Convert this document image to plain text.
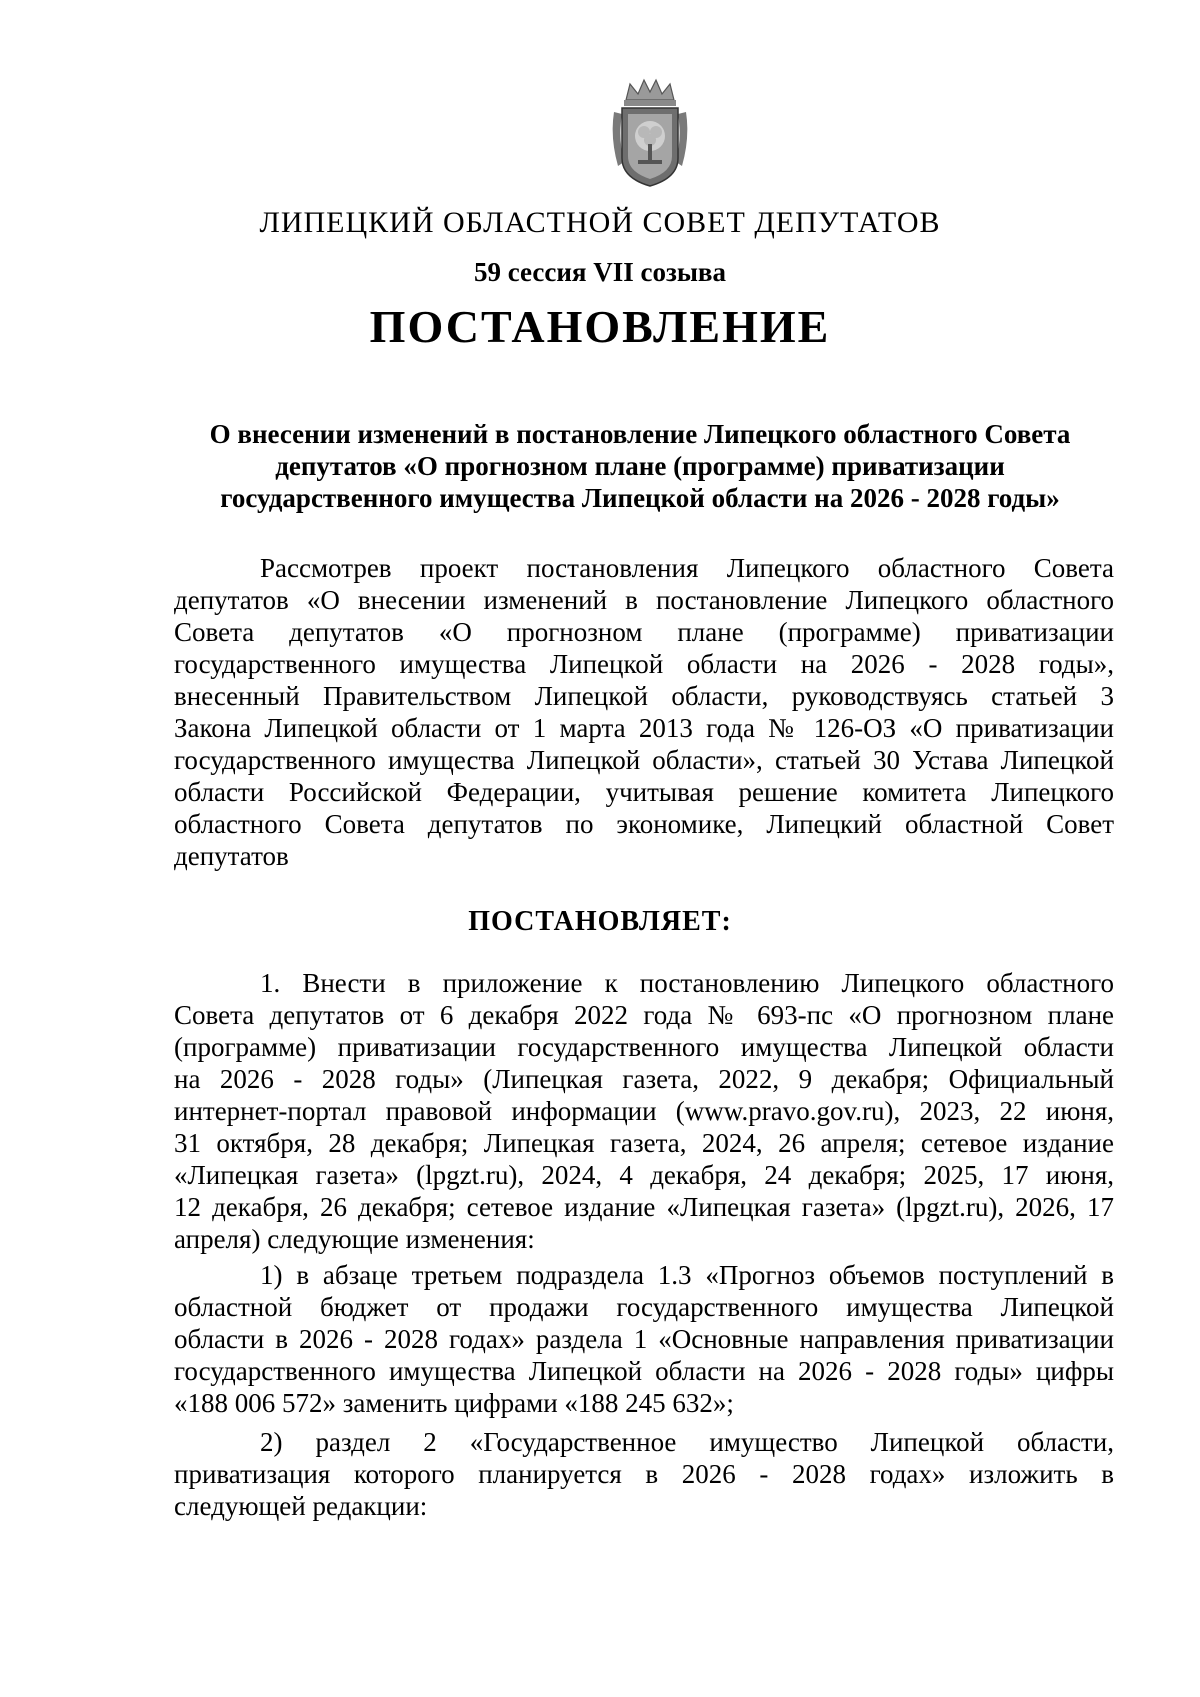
ЛИПЕЦКИЙ ОБЛАСТНОЙ СОВЕТ ДЕПУТАТОВ
59 сессия VII созыва
ПОСТАНОВЛЕНИЕ
О внесении изменений в постановление Липецкого областного Совета
депутатов «О прогнозном плане (программе) приватизации
государственного имущества Липецкой области на 2026 - 2028 годы»
Рассмотрев проект постановления Липецкого областного Совета
депутатов «О внесении изменений в постановление Липецкого областного
Совета депутатов «О прогнозном плане (программе) приватизации
государственного имущества Липецкой области на 2026 - 2028 годы»,
внесенный Правительством Липецкой области, руководствуясь статьей 3
Закона Липецкой области от 1 марта 2013 года № 126-ОЗ «О приватизации
государственного имущества Липецкой области», статьей 30 Устава Липецкой
области Российской Федерации, учитывая решение комитета Липецкого
областного Совета депутатов по экономике, Липецкий областной Совет
депутатов
ПОСТАНОВЛЯЕТ:
1. Внести в приложение к постановлению Липецкого областного
Совета депутатов от 6 декабря 2022 года № 693-пс «О прогнозном плане
(программе) приватизации государственного имущества Липецкой области
на 2026 - 2028 годы» (Липецкая газета, 2022, 9 декабря; Официальный
интернет-портал правовой информации (www.pravo.gov.ru), 2023, 22 июня,
31 октября, 28 декабря; Липецкая газета, 2024, 26 апреля; сетевое издание
«Липецкая газета» (lpgzt.ru), 2024, 4 декабря, 24 декабря; 2025, 17 июня,
12 декабря, 26 декабря; сетевое издание «Липецкая газета» (lpgzt.ru), 2026, 17
апреля) следующие изменения:
1) в абзаце третьем подраздела 1.3 «Прогноз объемов поступлений в
областной бюджет от продажи государственного имущества Липецкой
области в 2026 - 2028 годах» раздела 1 «Основные направления приватизации
государственного имущества Липецкой области на 2026 - 2028 годы» цифры
«188 006 572» заменить цифрами «188 245 632»;
2) раздел 2 «Государственное имущество Липецкой области,
приватизация которого планируется в 2026 - 2028 годах» изложить в
следующей редакции:
